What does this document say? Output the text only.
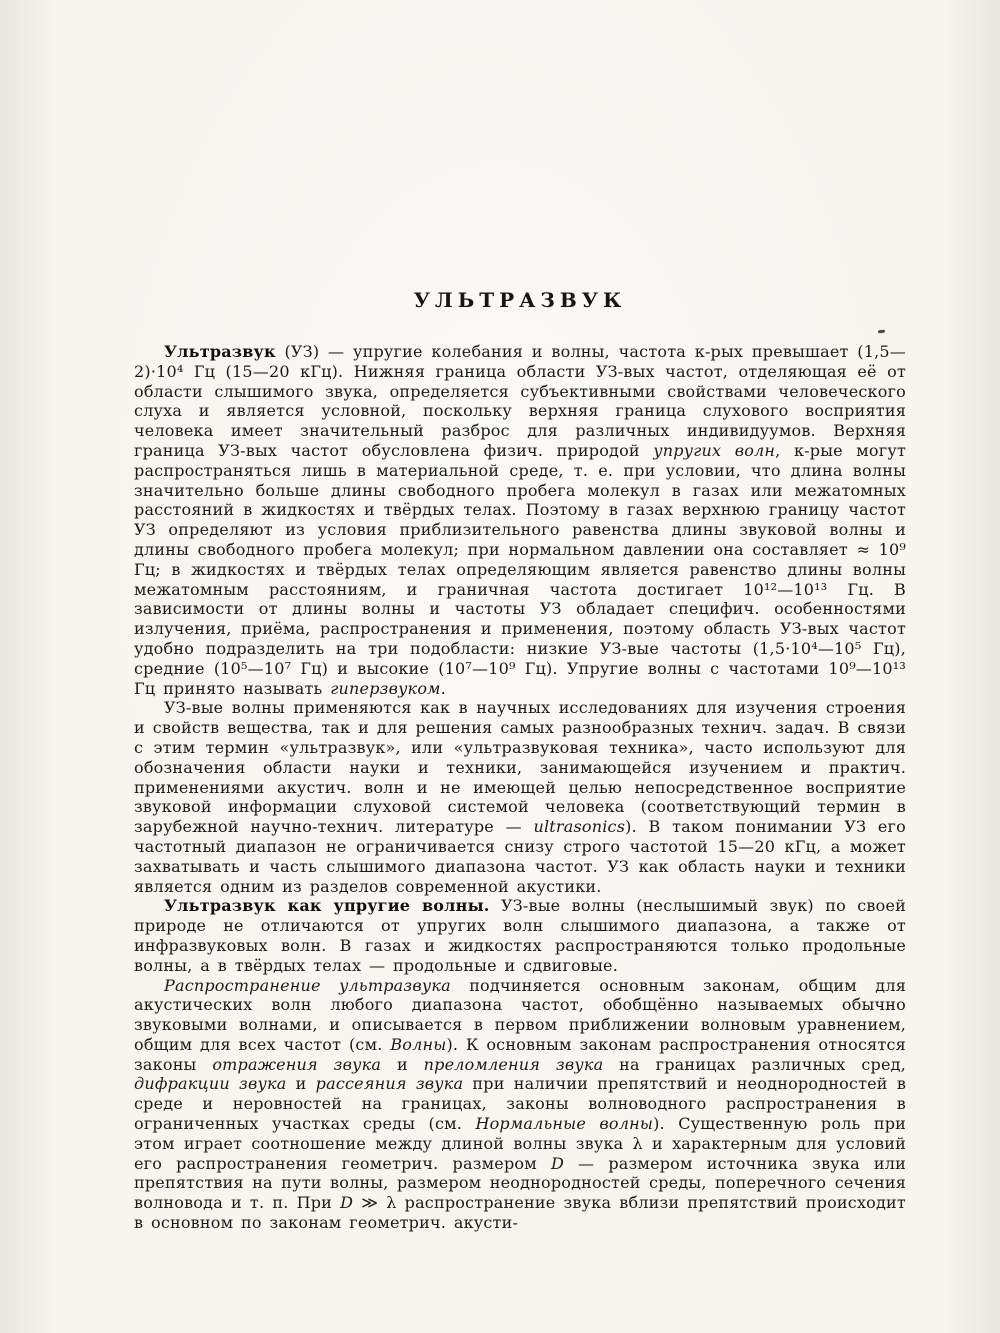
УЛЬТРАЗВУК

Ультразвук (УЗ) — упругие колебания и волны, частота к-рых превышает (1,5—2)·10⁴ Гц (15—20 кГц). Нижняя граница области УЗ-вых частот, отделяющая её от области слышимого звука, определяется субъективными свойствами человеческого слуха и является условной, поскольку верхняя граница слухового восприятия человека имеет значительный разброс для различных индивидуумов. Верхняя граница УЗ-вых частот обусловлена физич. природой упругих волн, к-рые могут распространяться лишь в материальной среде, т. е. при условии, что длина волны значительно больше длины свободного пробега молекул в газах или межатомных расстояний в жидкостях и твёрдых телах. Поэтому в газах верхнюю границу частот УЗ определяют из условия приблизительного равенства длины звуковой волны и длины свободного пробега молекул; при нормальном давлении она составляет ≈ 10⁹ Гц; в жидкостях и твёрдых телах определяющим является равенство длины волны межатомным расстояниям, и граничная частота достигает 10¹²—10¹³ Гц. В зависимости от длины волны и частоты УЗ обладает специфич. особенностями излучения, приёма, распространения и применения, поэтому область УЗ-вых частот удобно подразделить на три подобласти: низкие УЗ-вые частоты (1,5·10⁴—10⁵ Гц), средние (10⁵—10⁷ Гц) и высокие (10⁷—10⁹ Гц). Упругие волны с частотами 10⁹—10¹³ Гц принято называть гиперзвуком.

УЗ-вые волны применяются как в научных исследованиях для изучения строения и свойств вещества, так и для решения самых разнообразных технич. задач. В связи с этим термин «ультразвук», или «ультразвуковая техника», часто используют для обозначения области науки и техники, занимающейся изучением и практич. применениями акустич. волн и не имеющей целью непосредственное восприятие звуковой информации слуховой системой человека (соответствующий термин в зарубежной научно-технич. литературе — ultrasonics). В таком понимании УЗ его частотный диапазон не ограничивается снизу строго частотой 15—20 кГц, а может захватывать и часть слышимого диапазона частот. УЗ как область науки и техники является одним из разделов современной акустики.

Ультразвук как упругие волны. УЗ-вые волны (неслышимый звук) по своей природе не отличаются от упругих волн слышимого диапазона, а также от инфразвуковых волн. В газах и жидкостях распространяются только продольные волны, а в твёрдых телах — продольные и сдвиговые.

Распространение ультразвука подчиняется основным законам, общим для акустических волн любого диапазона частот, обобщённо называемых обычно звуковыми волнами, и описывается в первом приближении волновым уравнением, общим для всех частот (см. Волны). К основным законам распространения относятся законы отражения звука и преломления звука на границах различных сред, дифракции звука и рассеяния звука при наличии препятствий и неоднородностей в среде и неровностей на границах, законы волноводного распространения в ограниченных участках среды (см. Нормальные волны). Существенную роль при этом играет соотношение между длиной волны звука λ и характерным для условий его распространения геометрич. размером D — размером источника звука или препятствия на пути волны, размером неоднородностей среды, поперечного сечения волновода и т. п. При D ≫ λ распространение звука вблизи препятствий происходит в основном по законам геометрич. акусти-
